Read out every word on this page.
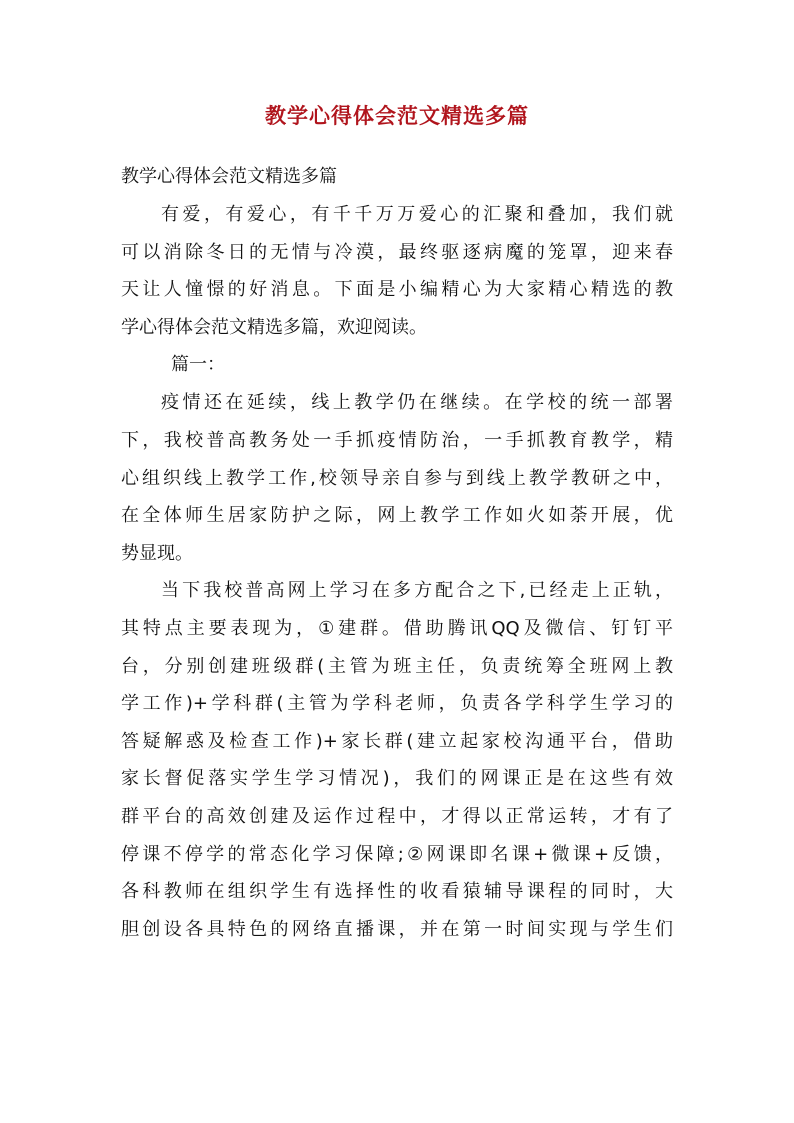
教学心得体会范文精选多篇
教学心得体会范文精选多篇
有爱，有爱心，有千千万万爱心的汇聚和叠加，我们就
可以消除冬日的无情与冷漠，最终驱逐病魔的笼罩，迎来春
天让人憧憬的好消息。下面是小编精心为大家精心精选的教
学心得体会范文精选多篇，欢迎阅读。
篇一：
疫情还在延续，线上教学仍在继续。在学校的统一部署
下，我校普高教务处一手抓疫情防治，一手抓教育教学，精
心组织线上教学工作,校领导亲自参与到线上教学教研之中，
在全体师生居家防护之际，网上教学工作如火如荼开展，优
势显现。
当下我校普高网上学习在多方配合之下,已经走上正轨，
其特点主要表现为，①建群。借助腾讯QQ及微信、钉钉平
台，分别创建班级群(主管为班主任，负责统筹全班网上教
学工作)+学科群(主管为学科老师，负责各学科学生学习的
答疑解惑及检查工作)+家长群(建立起家校沟通平台，借助
家长督促落实学生学习情况)，我们的网课正是在这些有效
群平台的高效创建及运作过程中，才得以正常运转，才有了
停课不停学的常态化学习保障;②网课即名课+微课+反馈，
各科教师在组织学生有选择性的收看猿辅导课程的同时，大
胆创设各具特色的网络直播课，并在第一时间实现与学生们
